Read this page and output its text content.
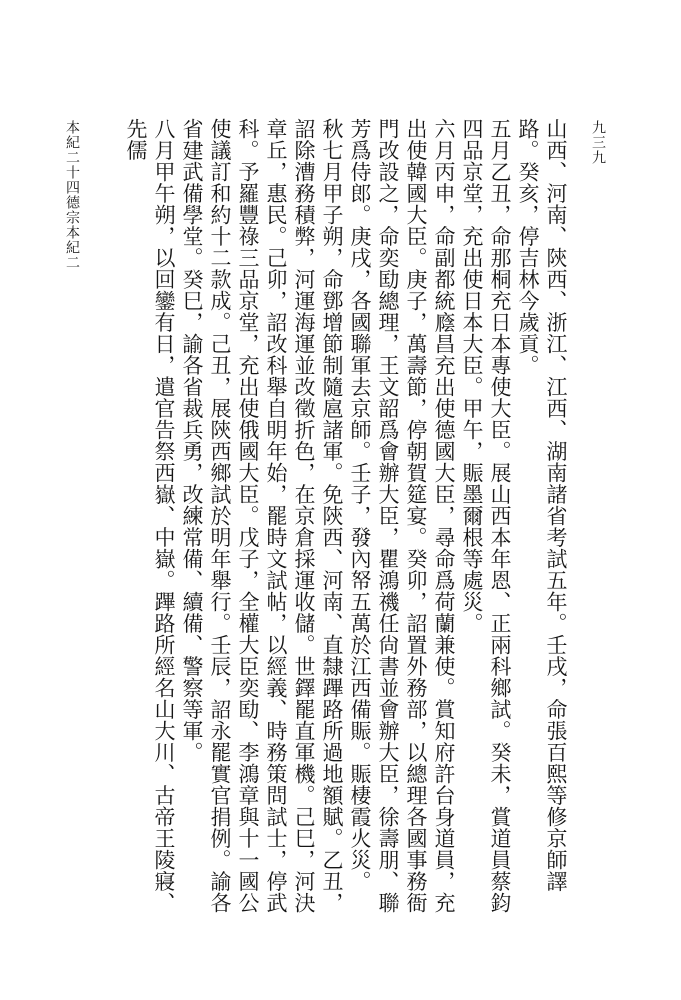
九三九
山西、河南、陝西、浙江、江西、湖南諸省考試五年。壬戌，命張百熙等修京師譯路。癸亥，停吉林今歲貢。
五月乙丑，命那桐充日本專使大臣。展山西本年恩、正兩科鄉試。癸未，賞道員蔡鈞四品京堂，充出使日本大臣。甲午，賑墨爾根等處災。
六月丙申，命副都統廕昌充出使德國大臣，尋命爲荷蘭兼使。賞知府許台身道員，充出使韓國大臣。庚子，萬壽節，停朝賀筵宴。癸卯，詔置外務部，以總理各國事務衙門改設之，命奕劻總理，王文韶爲會辦大臣，瞿鴻禨任尙書並會辦大臣，徐壽朋、聯芳爲侍郎。庚戌，各國聯軍去京師。壬子，發內帑五萬於江西備賑。賑棲霞火災。
秋七月甲子朔，命鄧增節制隨扈諸軍。免陝西、河南、直隸蹕路所過地額賦。乙丑，詔除漕務積弊，河運海運並改徵折色，在京倉採運收儲。世鐸罷直軍機。己巳，河決章丘，惠民。己卯，詔改科舉自明年始，罷時文試帖，以經義、時務策問試士，停武科。予羅豐祿三品京堂，充出使俄國大臣。戊子，全權大臣奕劻、李鴻章與十一國公使議訂和約十二款成。己丑，展陝西鄉試於明年舉行。壬辰，詔永罷實官捐例。諭各省建武備學堂。癸巳，諭各省裁兵勇，改練常備、續備、警察等軍。
八月甲午朔，以回鑾有日，遣官告祭西嶽、中嶽。蹕路所經名山大川、古帝王陵寢、先儒
本紀二十四德宗本紀二
